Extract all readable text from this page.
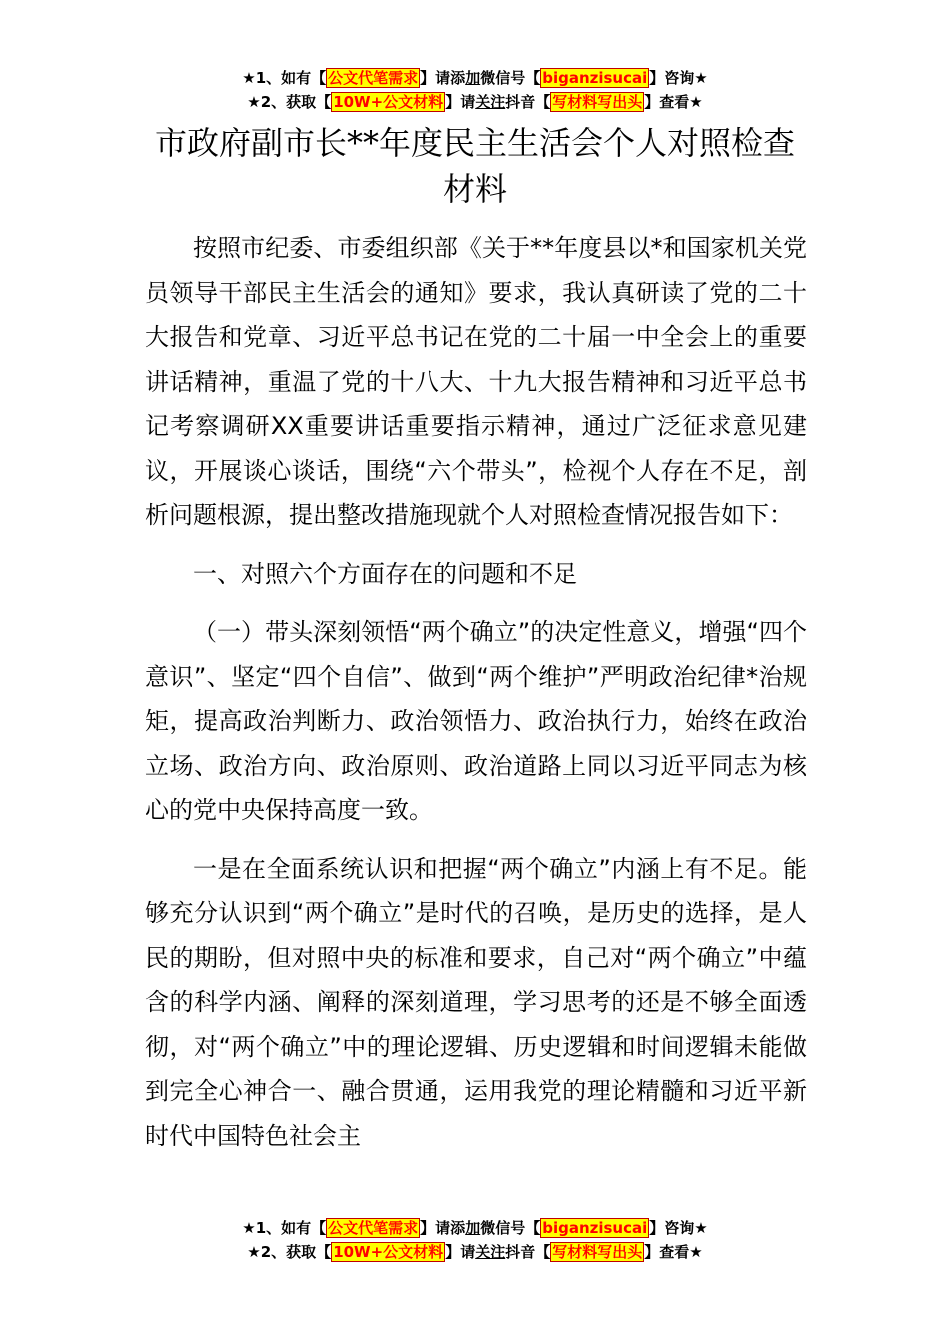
★1、如有【 公文代笔需求 】请添加微信号【 biganzisucai 】咨询★
★2、获取【 10W+公文材料 】请关注抖音【 写材料写出头 】查看★
市政府副市长**年度民主生活会个人对照检查材料

按照市纪委、市委组织部《关于**年度县以*和国家机关党员领导干部民主生活会的通知》要求，我认真研读了党的二十大报告和党章、习近平总书记在党的二十届一中全会上的重要讲话精神，重温了党的十八大、十九大报告精神和习近平总书记考察调研XX重要讲话重要指示精神，通过广泛征求意见建议，开展谈心谈话，围绕“六个带头”，检视个人存在不足，剖析问题根源，提出整改措施现就个人对照检查情况报告如下：

一、对照六个方面存在的问题和不足

（一）带头深刻领悟“两个确立”的决定性意义，增强“四个意识”、坚定“四个自信”、做到“两个维护”严明政治纪律*治规矩，提高政治判断力、政治领悟力、政治执行力，始终在政治立场、政治方向、政治原则、政治道路上同以习近平同志为核心的党中央保持高度一致。

一是在全面系统认识和把握“两个确立”内涵上有不足。能够充分认识到“两个确立”是时代的召唤，是历史的选择，是人民的期盼，但对照中央的标准和要求，自己对“两个确立”中蕴含的科学内涵、阐释的深刻道理，学习思考的还是不够全面透彻，对“两个确立”中的理论逻辑、历史逻辑和时间逻辑未能做到完全心神合一、融合贯通，运用我党的理论精髓和习近平新时代中国特色社会主

★1、如有【 公文代笔需求 】请添加微信号【 biganzisucai 】咨询★
★2、获取【 10W+公文材料 】请关注抖音【 写材料写出头 】查看★
